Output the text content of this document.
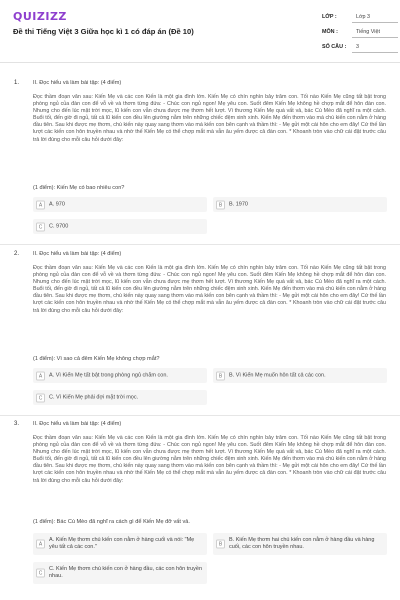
QUIZIZZ
Đề thi Tiếng Việt 3 Giữa học kì 1 có đáp án (Đề 10)
LỚP :	Lớp 3
MÔN :	Tiếng Việt
SỐ CÂU : 3
1. II. Đọc hiểu và làm bài tập: (4 điểm)
Đọc thầm đoạn văn sau: Kiến Mẹ và các con Kiến là một gia đình lớn. Kiến Mẹ có chín nghìn bảy trăm con. Tối nào Kiến Mẹ cũng tất bật trong phòng ngủ của đàn con để vỗ về và thơm từng đứa: - Chúc con ngủ ngon! Mẹ yêu con. Suốt đêm Kiến Mẹ không hề chợp mắt để hôn đàn con. Nhưng cho đến lúc mặt trời mọc, lũ kiến con vẫn chưa được mẹ thơm hết lượt. Vì thương Kiến Mẹ quá vất vả, bác Cú Mèo đã nghĩ ra một cách. Buổi tối, đến giờ đi ngủ, tất cả lũ kiến con đều lên giường nằm trên những chiếc đệm xinh xinh. Kiến Mẹ đến thơm vào má chú kiến con nằm ở hàng đầu tiên. Sau khi được mẹ thơm, chú kiến này quay sang thơm vào má kiến con bên cạnh và thầm thì: - Mẹ gửi một cái hôn cho em đây! Cứ thế lần lượt các kiến con hôn truyền nhau và nhờ thế Kiến Mẹ có thể chợp mắt mà vẫn âu yếm được cả đàn con. * Khoanh tròn vào chữ cái đặt trước câu trả lời đúng cho mỗi câu hỏi dưới đây:
(1 điểm): Kiến Mẹ có bao nhiêu con?
A	A. 970	B	B. 1970
C	C. 9700
2. II. Đọc hiểu và làm bài tập: (4 điểm)
Đọc thầm đoạn văn sau: Kiến Mẹ và các con Kiến là một gia đình lớn. Kiến Mẹ có chín nghìn bảy trăm con. Tối nào Kiến Mẹ cũng tất bật trong phòng ngủ của đàn con để vỗ về và thơm từng đứa: - Chúc con ngủ ngon! Mẹ yêu con. Suốt đêm Kiến Mẹ không hề chợp mắt để hôn đàn con. Nhưng cho đến lúc mặt trời mọc, lũ kiến con vẫn chưa được mẹ thơm hết lượt. Vì thương Kiến Mẹ quá vất vả, bác Cú Mèo đã nghĩ ra một cách. Buổi tối, đến giờ đi ngủ, tất cả lũ kiến con đều lên giường nằm trên những chiếc đệm xinh xinh. Kiến Mẹ đến thơm vào má chú kiến con nằm ở hàng đầu tiên. Sau khi được mẹ thơm, chú kiến này quay sang thơm vào má kiến con bên cạnh và thầm thì: - Mẹ gửi một cái hôn cho em đây! Cứ thế lần lượt các kiến con hôn truyền nhau và nhờ thế Kiến Mẹ có thể chợp mắt mà vẫn âu yếm được cả đàn con. * Khoanh tròn vào chữ cái đặt trước câu trả lời đúng cho mỗi câu hỏi dưới đây:
(1 điểm): Vì sao cả đêm Kiến Mẹ không chợp mắt?
A	A. Vì Kiến Mẹ tất bật trong phòng ngủ chăm con.	B	B. Vì Kiến Mẹ muốn hôn tất cả các con.
C	C. Vì Kiến Mẹ phải đợi mặt trời mọc.
3. II. Đọc hiểu và làm bài tập: (4 điểm)
Đọc thầm đoạn văn sau: Kiến Mẹ và các con Kiến là một gia đình lớn. Kiến Mẹ có chín nghìn bảy trăm con. Tối nào Kiến Mẹ cũng tất bật trong phòng ngủ của đàn con để vỗ về và thơm từng đứa: - Chúc con ngủ ngon! Mẹ yêu con. Suốt đêm Kiến Mẹ không hề chợp mắt để hôn đàn con. Nhưng cho đến lúc mặt trời mọc, lũ kiến con vẫn chưa được mẹ thơm hết lượt. Vì thương Kiến Mẹ quá vất vả, bác Cú Mèo đã nghĩ ra một cách. Buổi tối, đến giờ đi ngủ, tất cả lũ kiến con đều lên giường nằm trên những chiếc đệm xinh xinh. Kiến Mẹ đến thơm vào má chú kiến con nằm ở hàng đầu tiên. Sau khi được mẹ thơm, chú kiến này quay sang thơm vào má kiến con bên cạnh và thầm thì: - Mẹ gửi một cái hôn cho em đây! Cứ thế lần lượt các kiến con hôn truyền nhau và nhờ thế Kiến Mẹ có thể chợp mắt mà vẫn âu yếm được cả đàn con. * Khoanh tròn vào chữ cái đặt trước câu trả lời đúng cho mỗi câu hỏi dưới đây:
(1 điểm): Bác Cú Mèo đã nghĩ ra cách gì để Kiến Mẹ đỡ vất vả.
A
A. Kiến Mẹ thơm chú kiến con nằm ở hàng cuối và nói: "Mẹ yêu tất cả các con."	B
B. Kiến Mẹ thơm hai chú kiến con nằm ở hàng đầu và hàng cuối, các con hôn truyền nhau.
C
C. Kiến Mẹ thơm chú kiến con ở hàng đầu, các con hôn truyền nhau.
